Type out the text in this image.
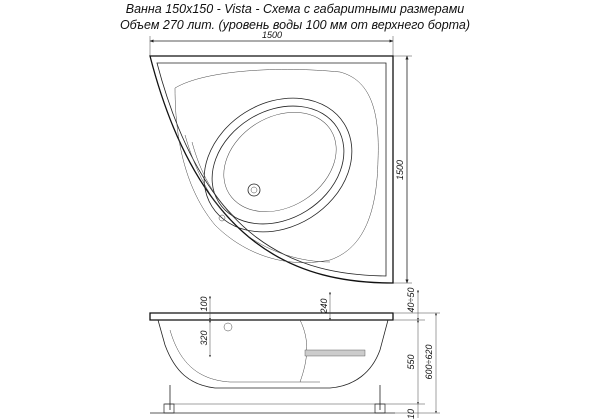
Ванна 150х150 - Vista - Схема с габаритными размерами
Объем 270 лит. (уровень воды 100 мм от верхнего борта)
1500
1500
100
320
240	40÷50
550
10
600÷620
